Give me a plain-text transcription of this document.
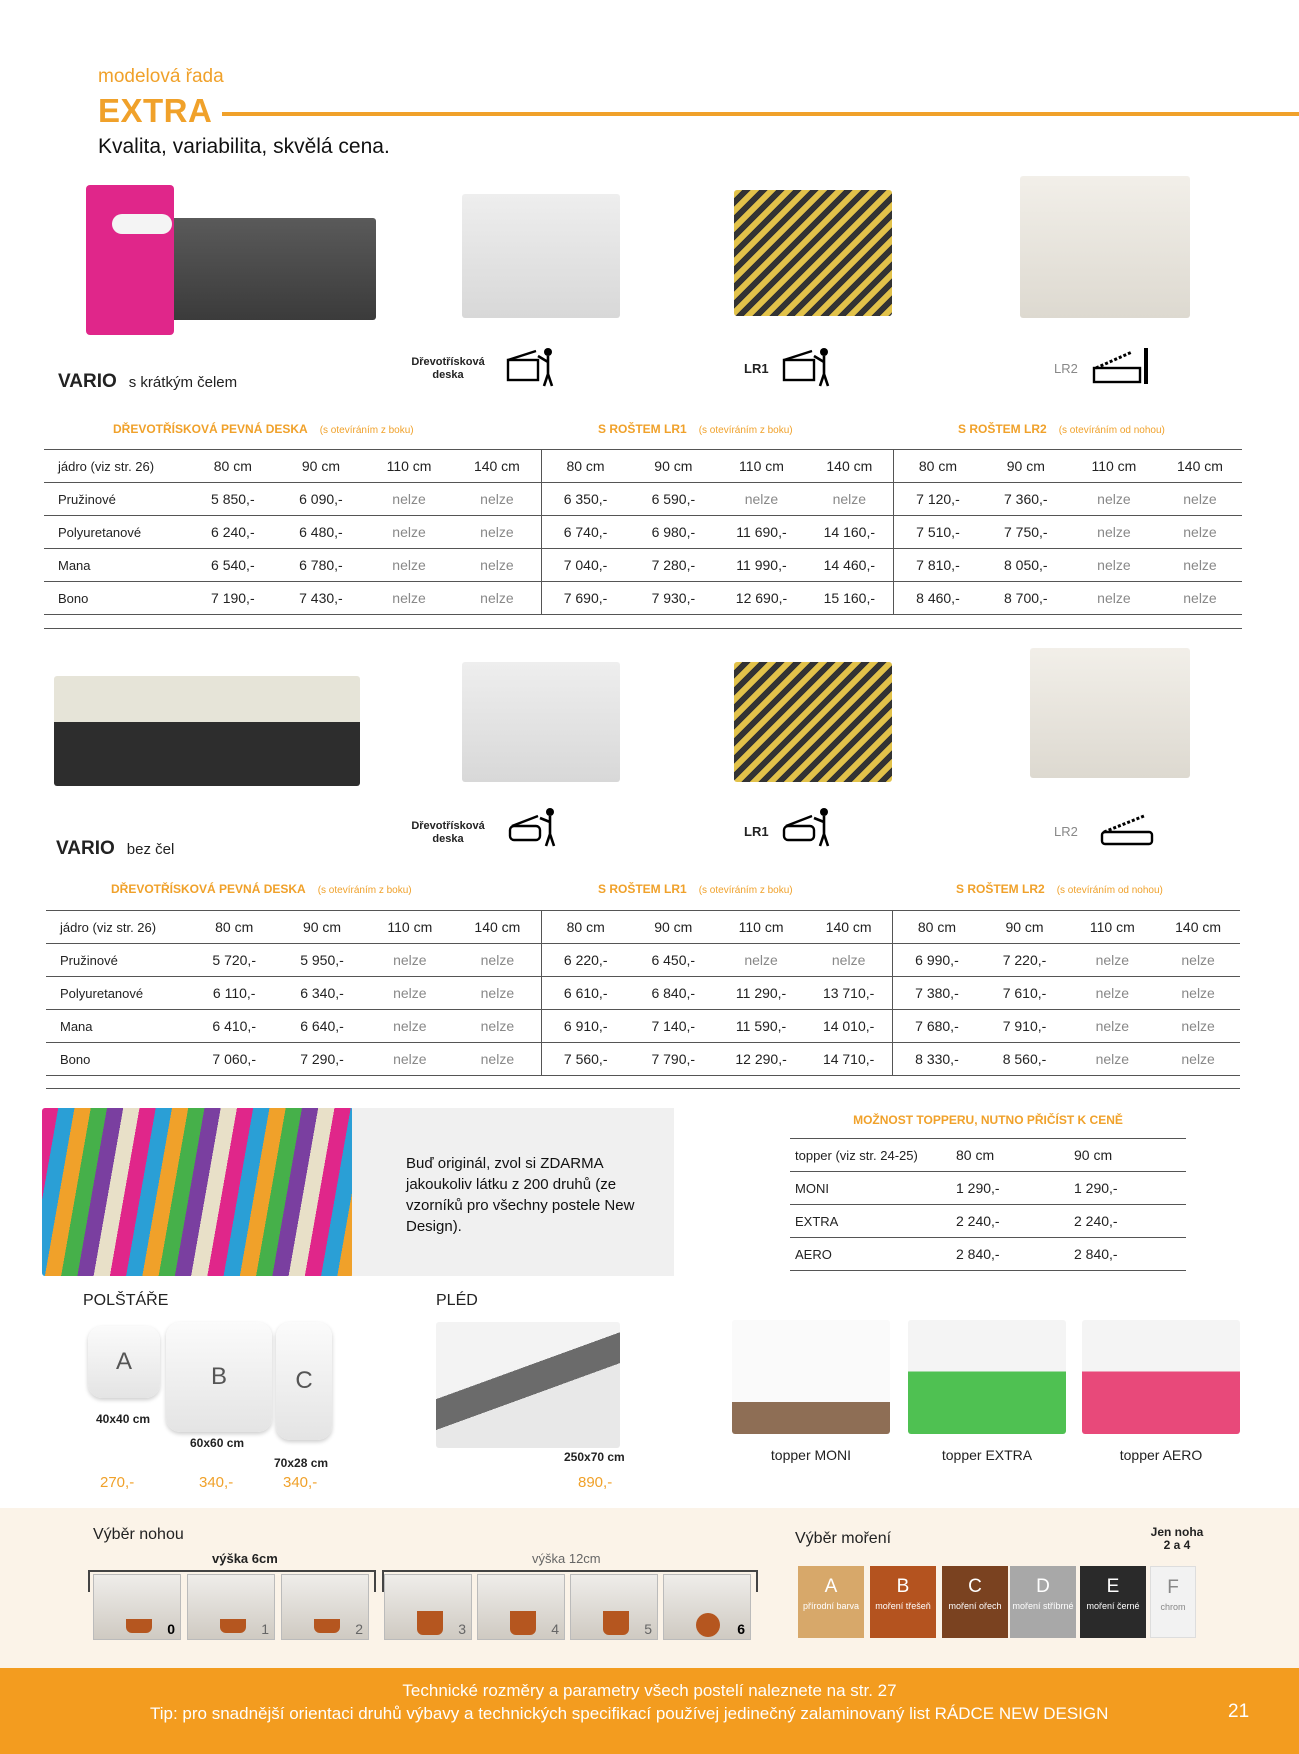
modelová řada
EXTRA
Kvalita, variabilita, skvělá cena.
VARIO s krátkým čelem
Dřevotřísková deska	LR1	LR2
DŘEVOTŘÍSKOVÁ PEVNÁ DESKA (s otevíráním z boku)	S ROŠTEM LR1 (s otevíráním z boku)	S ROŠTEM LR2 (s otevíráním od nohou)
jádro (viz str. 26)	80 cm	90 cm	110 cm	140 cm	80 cm	90 cm	110 cm	140 cm	80 cm	90 cm	110 cm	140 cm
Pružinové	5 850,-	6 090,-	nelze	nelze	6 350,-	6 590,-	nelze	nelze	7 120,-	7 360,-	nelze	nelze
Polyuretanové	6 240,-	6 480,-	nelze	nelze	6 740,-	6 980,-	11 690,-	14 160,-	7 510,-	7 750,-	nelze	nelze
Mana	6 540,-	6 780,-	nelze	nelze	7 040,-	7 280,-	11 990,-	14 460,-	7 810,-	8 050,-	nelze	nelze
Bono	7 190,-	7 430,-	nelze	nelze	7 690,-	7 930,-	12 690,-	15 160,-	8 460,-	8 700,-	nelze	nelze
VARIO bez čel
Dřevotřísková deska	LR1	LR2
DŘEVOTŘÍSKOVÁ PEVNÁ DESKA (s otevíráním z boku)	S ROŠTEM LR1 (s otevíráním z boku)	S ROŠTEM LR2 (s otevíráním od nohou)
jádro (viz str. 26)	80 cm	90 cm	110 cm	140 cm	80 cm	90 cm	110 cm	140 cm	80 cm	90 cm	110 cm	140 cm
Pružinové	5 720,-	5 950,-	nelze	nelze	6 220,-	6 450,-	nelze	nelze	6 990,-	7 220,-	nelze	nelze
Polyuretanové	6 110,-	6 340,-	nelze	nelze	6 610,-	6 840,-	11 290,-	13 710,-	7 380,-	7 610,-	nelze	nelze
Mana	6 410,-	6 640,-	nelze	nelze	6 910,-	7 140,-	11 590,-	14 010,-	7 680,-	7 910,-	nelze	nelze
Bono	7 060,-	7 290,-	nelze	nelze	7 560,-	7 790,-	12 290,-	14 710,-	8 330,-	8 560,-	nelze	nelze
Buď originál, zvol si ZDARMA jakoukoliv látku z 200 druhů (ze vzorníků pro všechny postele New Design).
MOŽNOST TOPPERU, NUTNO PŘIČÍST K CENĚ
topper (viz str. 24-25)	80 cm	90 cm
MONI	1 290,-	1 290,-
EXTRA	2 240,-	2 240,-
AERO	2 840,-	2 840,-
POLŠTÁŘE
A
B	C
40x40 cm
60x60 cm
70x28 cm
270,-	340,-	340,-
PLÉD
250x70 cm
890,-
topper MONI	topper EXTRA	topper AERO
Výběr nohou
výška 6cm	výška 12cm
0	1	2	3	4	5	6
Výběr moření	Jen noha 2 a 4
A
přírodní barva
B
moření třešeň
C
moření ořech
D
moření stříbrné
E
moření černé
F
chrom
Technické rozměry a parametry všech postelí naleznete na str. 27
Tip: pro snadnější orientaci druhů výbavy a technických specifikací používej jedinečný zalaminovaný list RÁDCE NEW DESIGN	21
